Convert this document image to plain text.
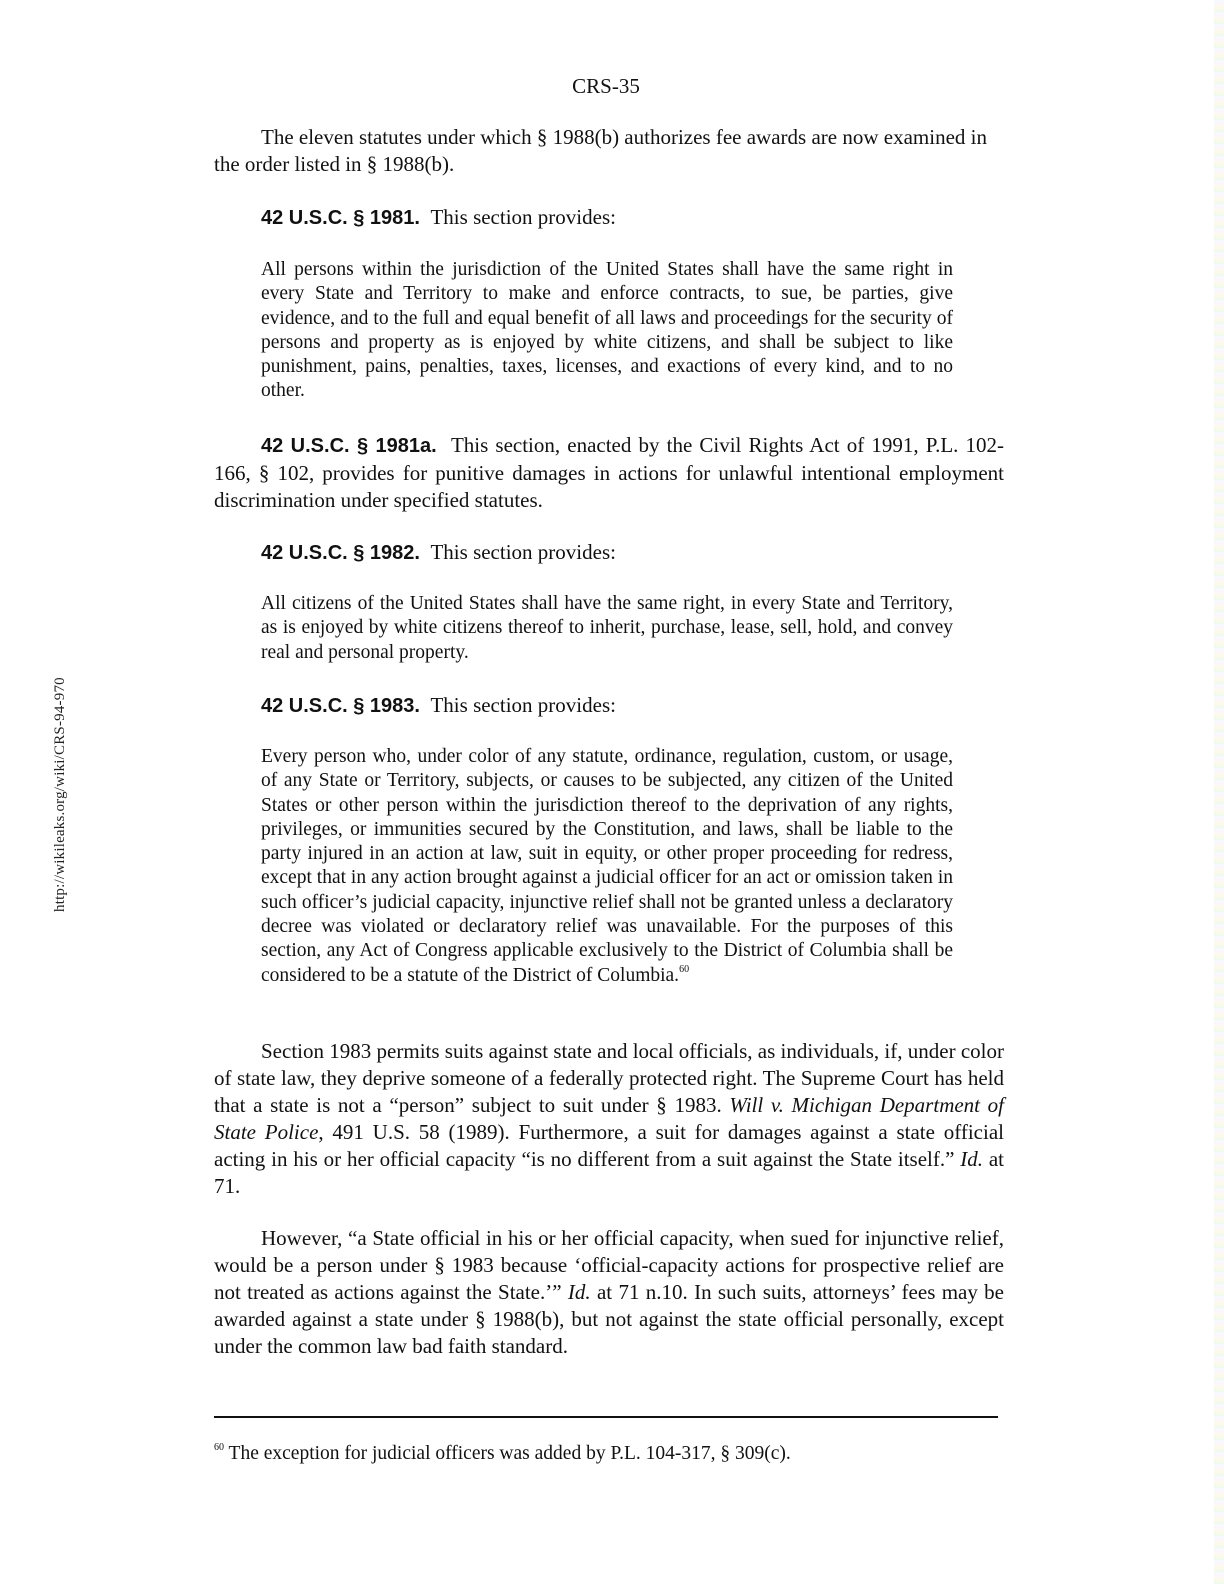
http://wikileaks.org/wiki/CRS-94-970
CRS-35

The eleven statutes under which § 1988(b) authorizes fee awards are now examined in the order listed in § 1988(b).

42 U.S.C. § 1981. This section provides:

All persons within the jurisdiction of the United States shall have the same right in every State and Territory to make and enforce contracts, to sue, be parties, give evidence, and to the full and equal benefit of all laws and proceedings for the security of persons and property as is enjoyed by white citizens, and shall be subject to like punishment, pains, penalties, taxes, licenses, and exactions of every kind, and to no other.

42 U.S.C. § 1981a. This section, enacted by the Civil Rights Act of 1991, P.L. 102-166, § 102, provides for punitive damages in actions for unlawful intentional employment discrimination under specified statutes.

42 U.S.C. § 1982. This section provides:

All citizens of the United States shall have the same right, in every State and Territory, as is enjoyed by white citizens thereof to inherit, purchase, lease, sell, hold, and convey real and personal property.

42 U.S.C. § 1983. This section provides:

Every person who, under color of any statute, ordinance, regulation, custom, or usage, of any State or Territory, subjects, or causes to be subjected, any citizen of the United States or other person within the jurisdiction thereof to the deprivation of any rights, privileges, or immunities secured by the Constitution, and laws, shall be liable to the party injured in an action at law, suit in equity, or other proper proceeding for redress, except that in any action brought against a judicial officer for an act or omission taken in such officer’s judicial capacity, injunctive relief shall not be granted unless a declaratory decree was violated or declaratory relief was unavailable. For the purposes of this section, any Act of Congress applicable exclusively to the District of Columbia shall be considered to be a statute of the District of Columbia.$^{60}$

Section 1983 permits suits against state and local officials, as individuals, if, under color of state law, they deprive someone of a federally protected right. The Supreme Court has held that a state is not a “person” subject to suit under § 1983. Will v. Michigan Department of State Police, 491 U.S. 58 (1989). Furthermore, a suit for damages against a state official acting in his or her official capacity “is no different from a suit against the State itself.” Id. at 71.

However, “a State official in his or her official capacity, when sued for injunctive relief, would be a person under § 1983 because ‘official-capacity actions for prospective relief are not treated as actions against the State.’” Id. at 71 n.10. In such suits, attorneys’ fees may be awarded against a state under § 1988(b), but not against the state official personally, except under the common law bad faith standard.

$^{60}$ The exception for judicial officers was added by P.L. 104-317, § 309(c).
